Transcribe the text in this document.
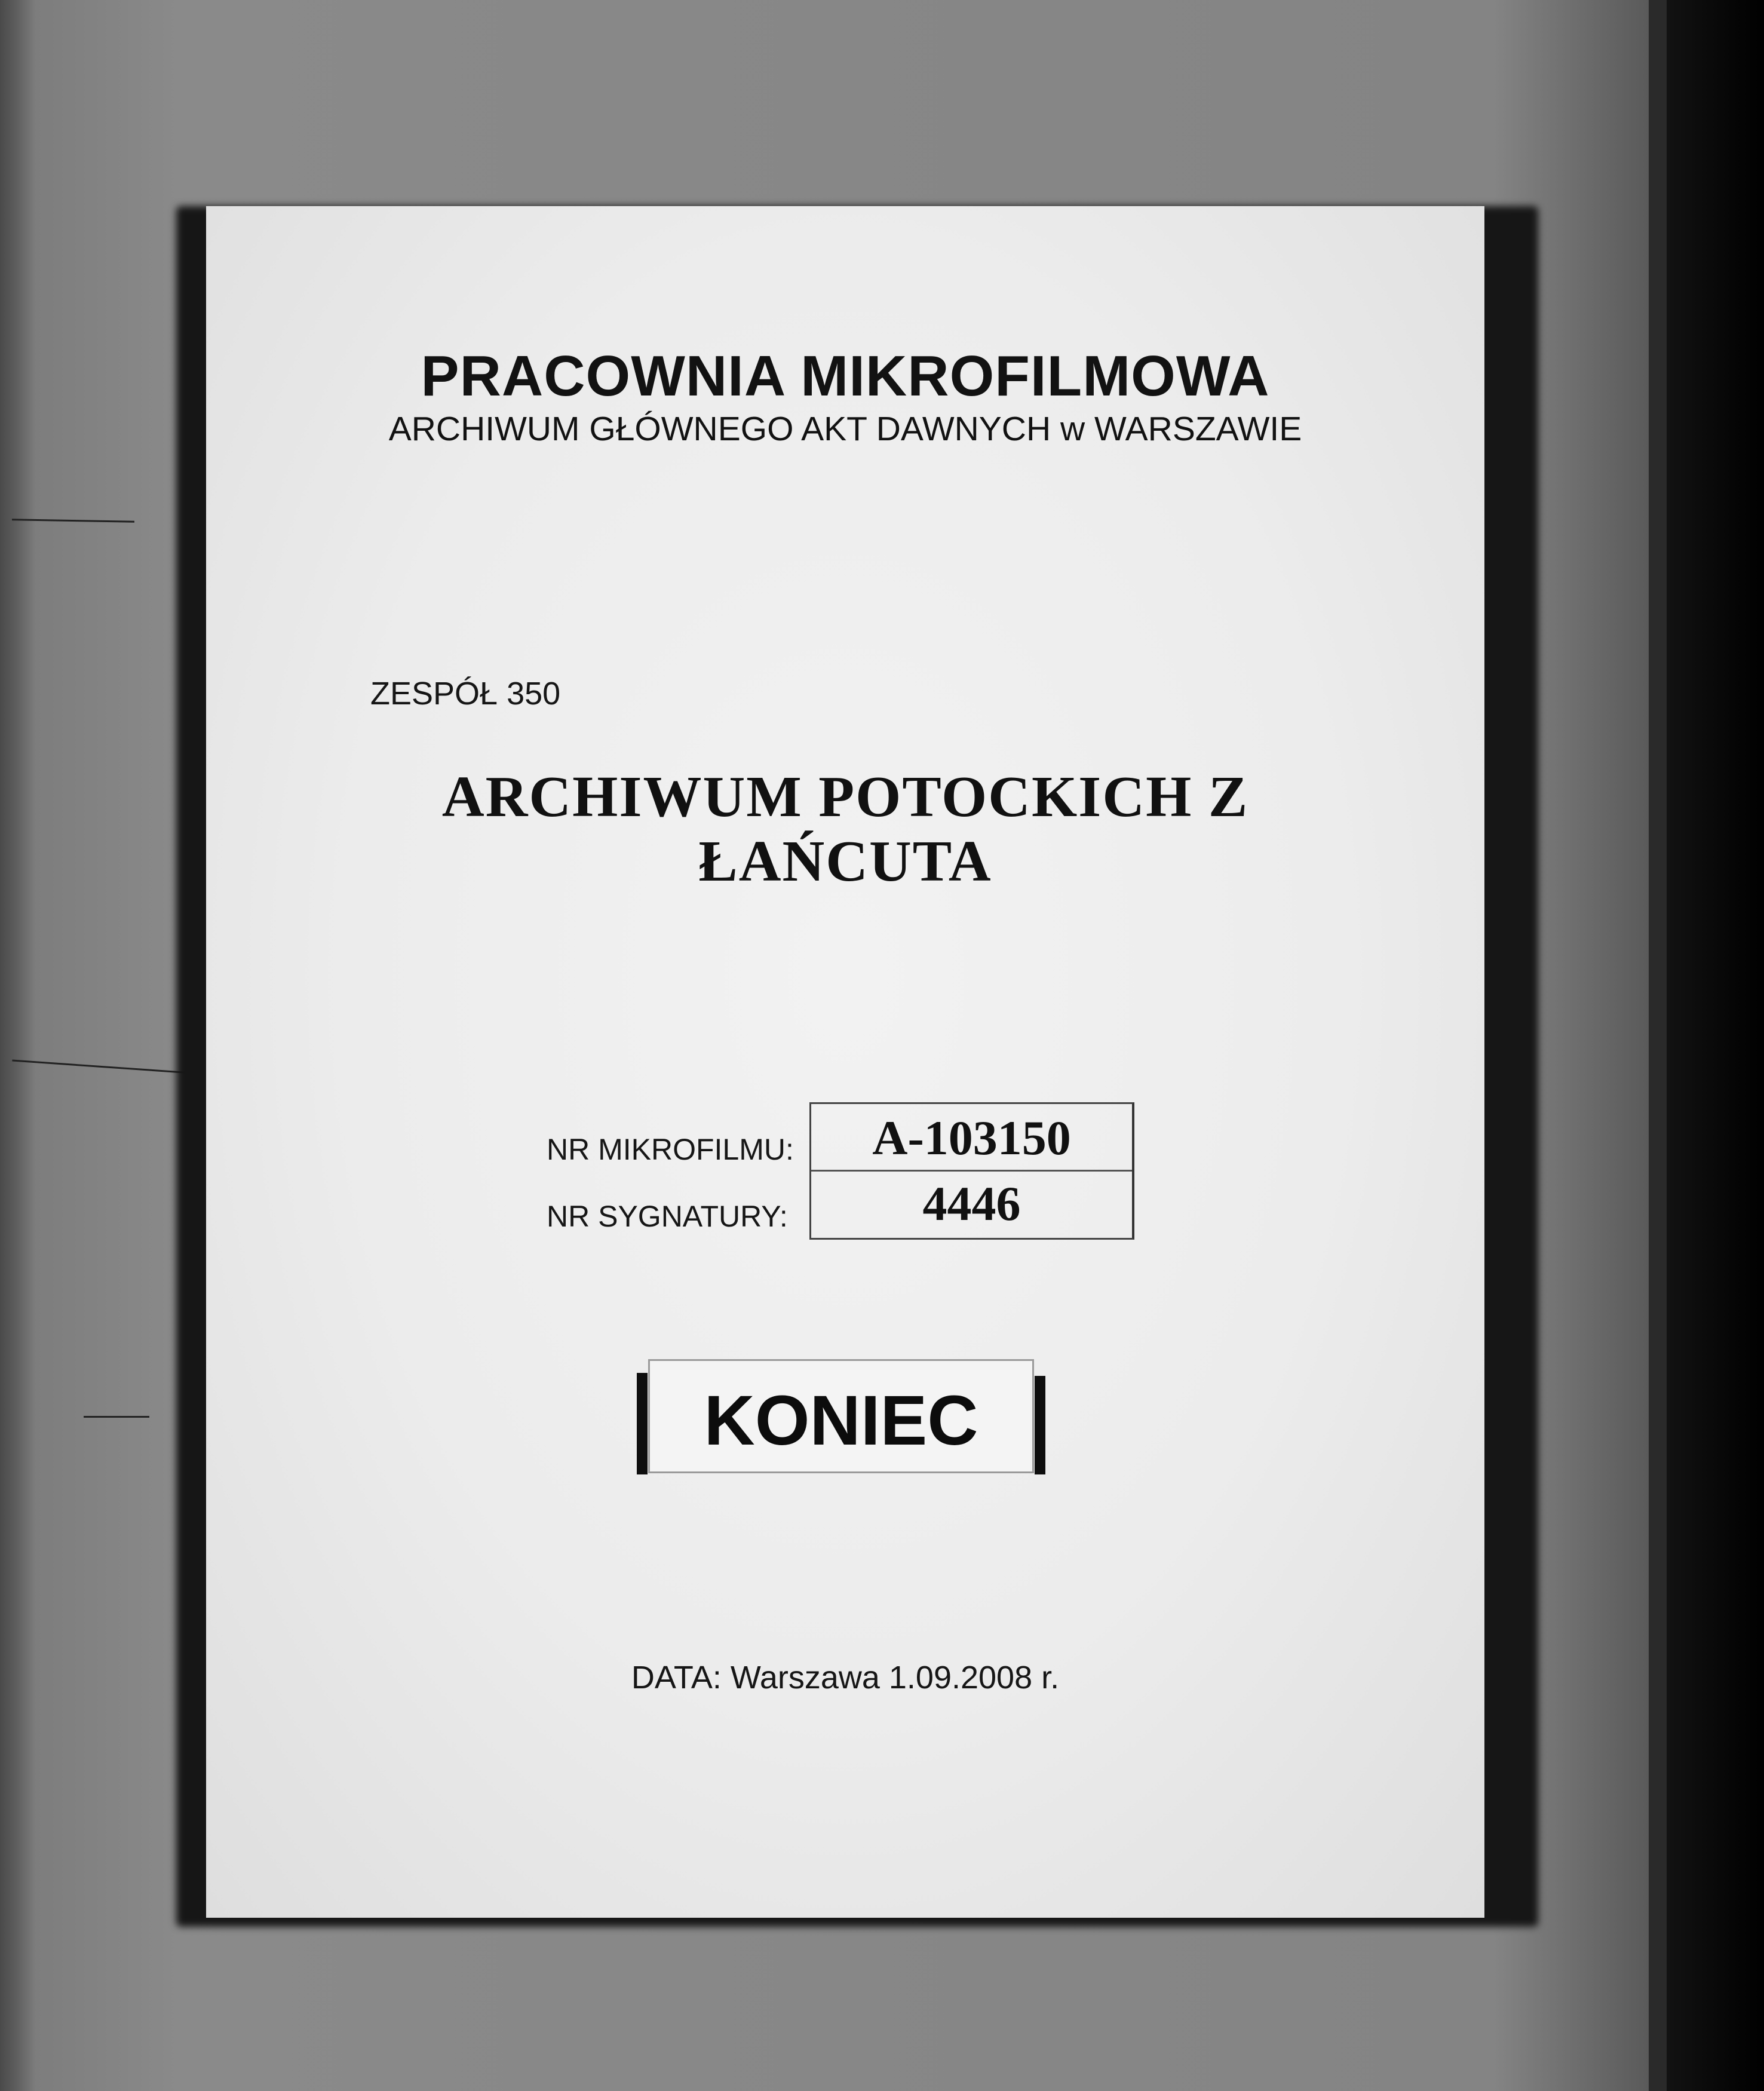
PRACOWNIA MIKROFILMOWA
ARCHIWUM GŁÓWNEGO AKT DAWNYCH w WARSZAWIE
ZESPÓŁ 350
ARCHIWUM POTOCKICH Z
ŁAŃCUTA
NR MIKROFILMU:
NR SYGNATURY:
A-103150
4446
KONIEC
DATA: Warszawa 1.09.2008 r.
